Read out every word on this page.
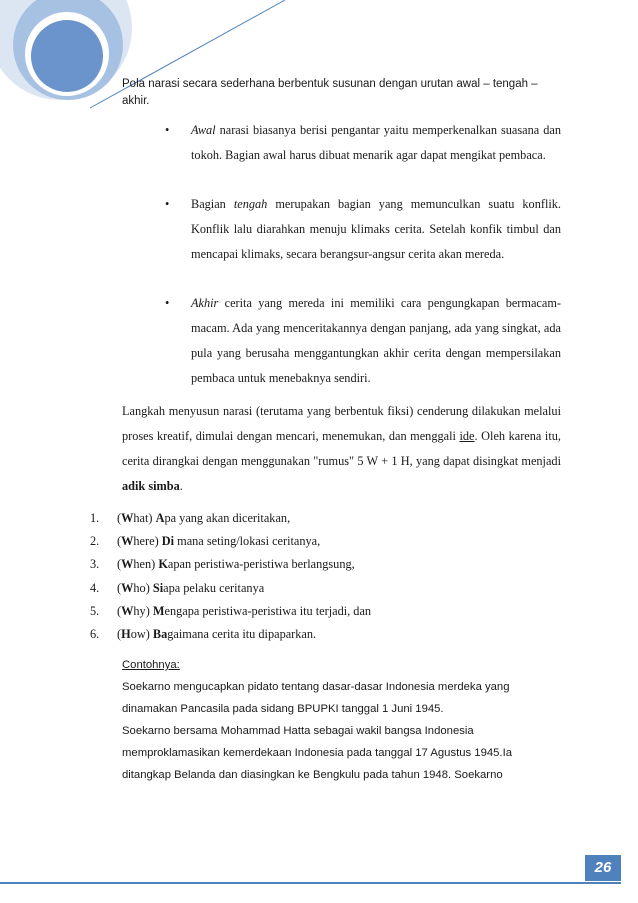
Pola narasi secara sederhana berbentuk susunan dengan urutan awal – tengah –
akhir.
• Awal narasi biasanya berisi pengantar yaitu memperkenalkan suasana dan tokoh. Bagian awal harus dibuat menarik agar dapat mengikat pembaca.
• Bagian tengah merupakan bagian yang memunculkan suatu konflik. Konflik lalu diarahkan menuju klimaks cerita. Setelah konfik timbul dan mencapai klimaks, secara berangsur-angsur cerita akan mereda.
• Akhir cerita yang mereda ini memiliki cara pengungkapan bermacam-macam. Ada yang menceritakannya dengan panjang, ada yang singkat, ada pula yang berusaha menggantungkan akhir cerita dengan mempersilakan pembaca untuk menebaknya sendiri.
Langkah menyusun narasi (terutama yang berbentuk fiksi) cenderung dilakukan melalui proses kreatif, dimulai dengan mencari, menemukan, dan menggali ide. Oleh karena itu, cerita dirangkai dengan menggunakan "rumus" 5 W + 1 H, yang dapat disingkat menjadi adik simba.
1. (What) Apa yang akan diceritakan,
2. (Where) Di mana seting/lokasi ceritanya,
3. (When) Kapan peristiwa-peristiwa berlangsung,
4. (Who) Siapa pelaku ceritanya
5. (Why) Mengapa peristiwa-peristiwa itu terjadi, dan
6. (How) Bagaimana cerita itu dipaparkan.
Contohnya:
Soekarno mengucapkan pidato tentang dasar-dasar Indonesia merdeka yang
dinamakan Pancasila pada sidang BPUPKI tanggal 1 Juni 1945.
Soekarno bersama Mohammad Hatta sebagai wakil bangsa Indonesia
memproklamasikan kemerdekaan Indonesia pada tanggal 17 Agustus 1945.Ia
ditangkap Belanda dan diasingkan ke Bengkulu pada tahun 1948. Soekarno
26
